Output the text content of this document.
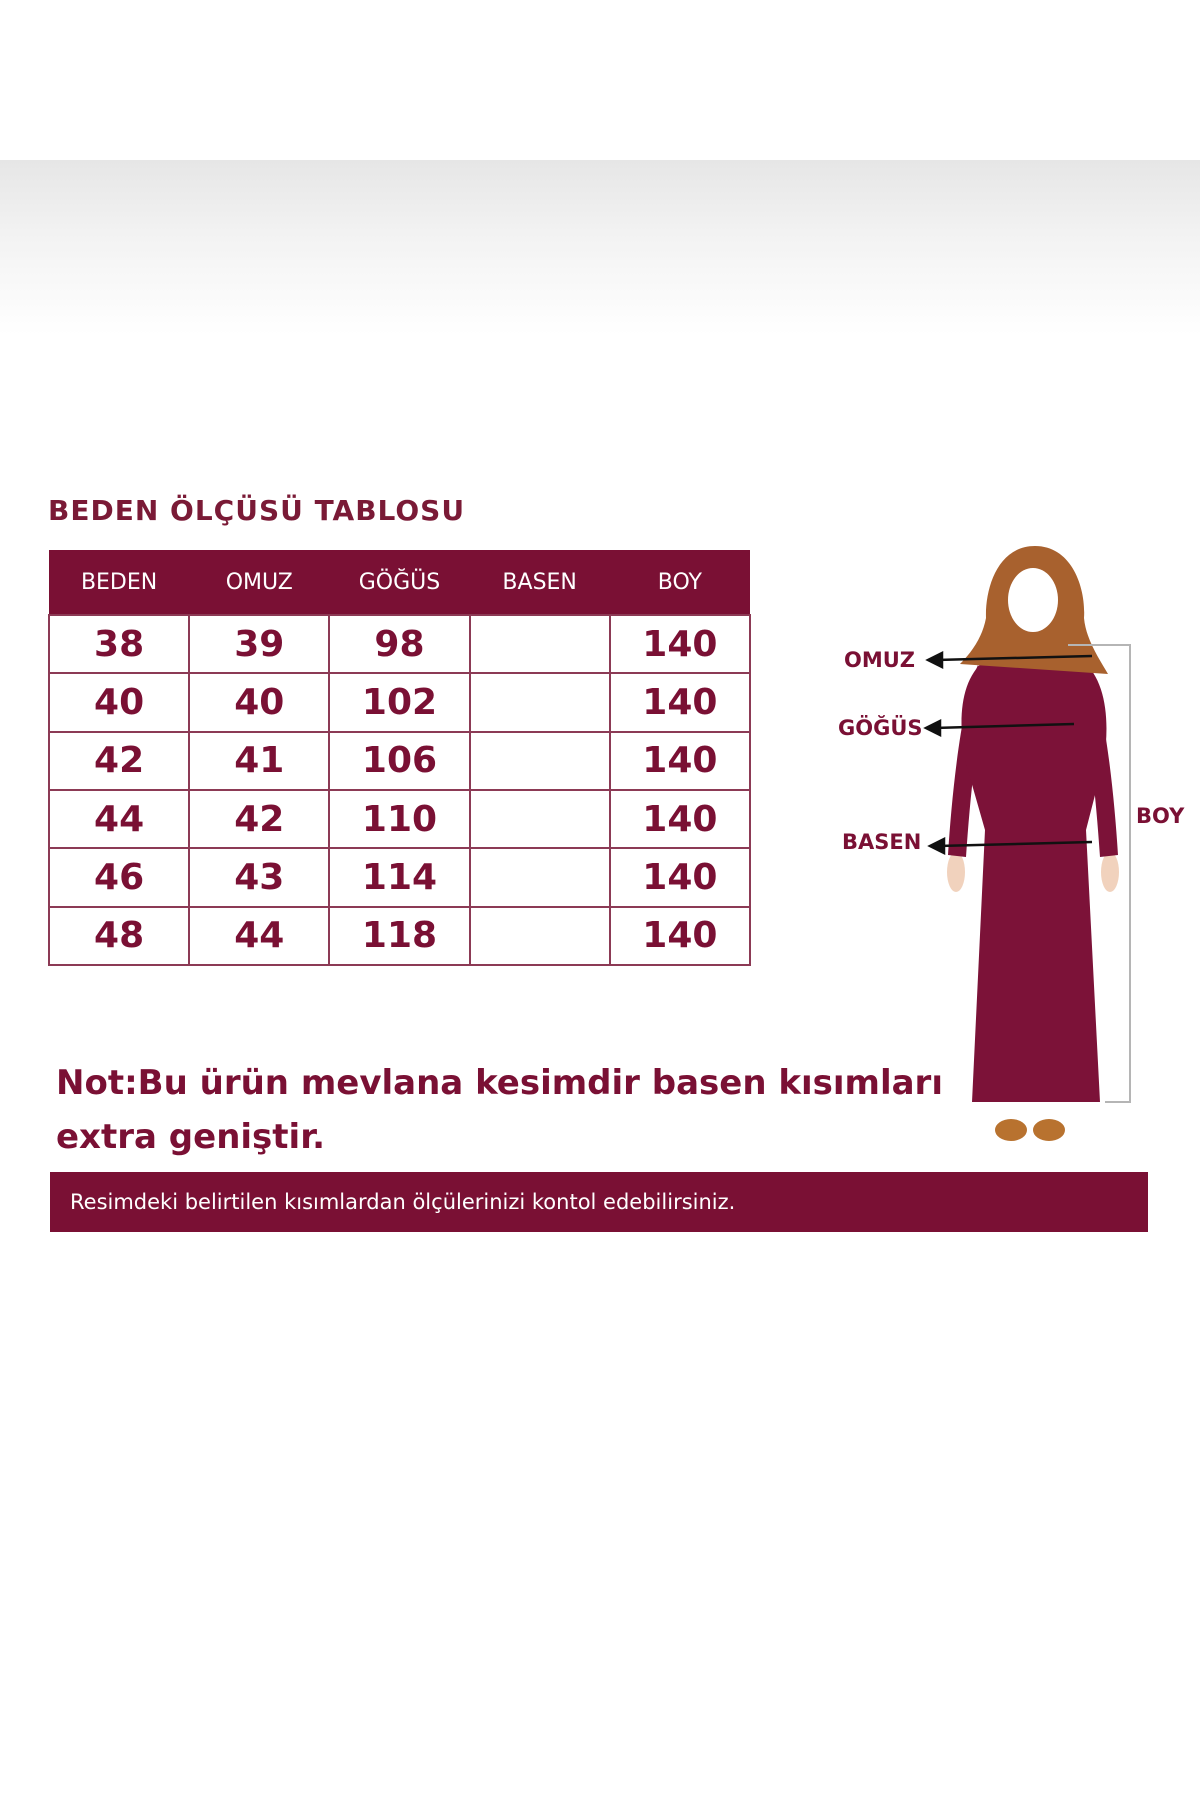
BEDEN ÖLÇÜSÜ TABLOSU
BEDEN	OMUZ	GÖĞÜS	BASEN	BOY
38	39	98		140
40	40	102		140
42	41	106		140
44	42	110		140
46	43	114		140
48	44	118		140
OMUZ
GÖĞÜS
BASEN
BOY
Not:Bu ürün mevlana kesimdir basen kısımları
extra geniştir.
Resimdeki belirtilen kısımlardan ölçülerinizi kontol edebilirsiniz.
